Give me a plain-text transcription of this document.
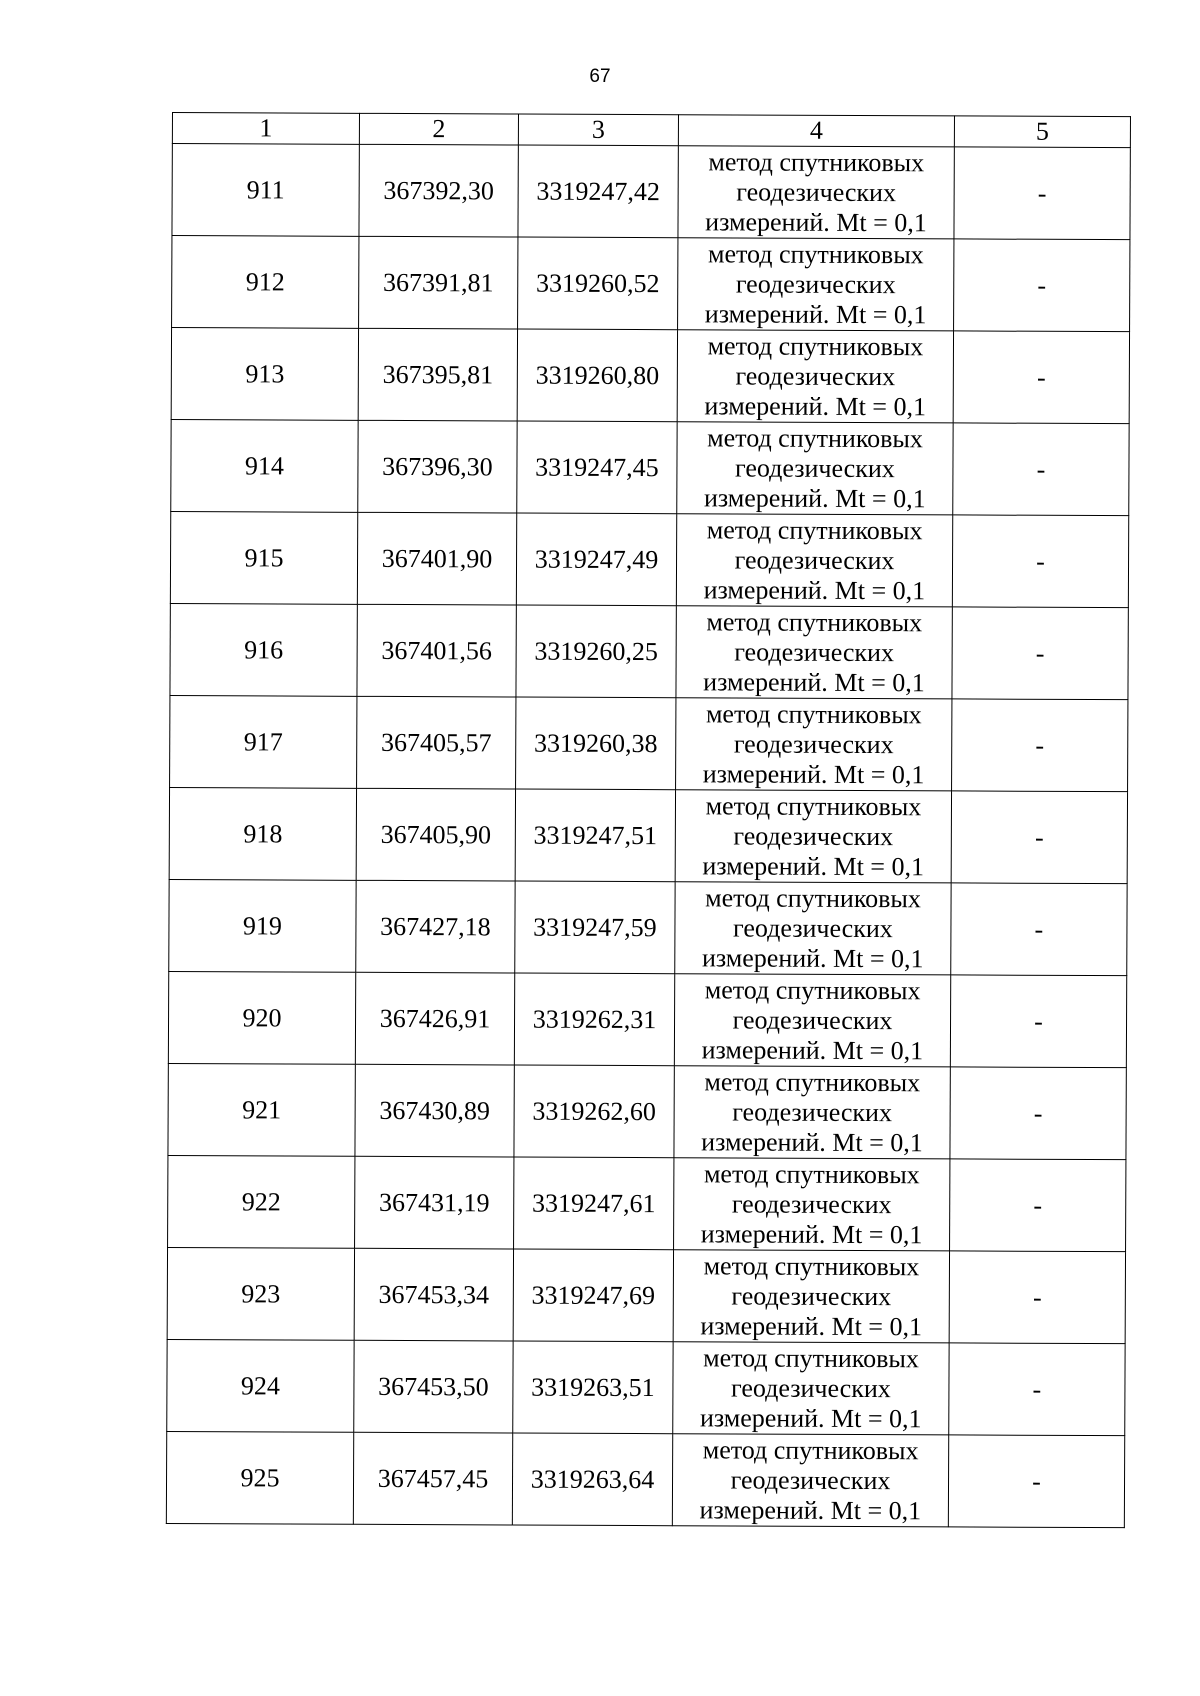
67
1	2	3	4	5
911	367392,30	3319247,42	метод спутниковых
геодезических
измерений. Mt = 0,1	-
912	367391,81	3319260,52	метод спутниковых
геодезических
измерений. Mt = 0,1	-
913	367395,81	3319260,80	метод спутниковых
геодезических
измерений. Mt = 0,1	-
914	367396,30	3319247,45	метод спутниковых
геодезических
измерений. Mt = 0,1	-
915	367401,90	3319247,49	метод спутниковых
геодезических
измерений. Mt = 0,1	-
916	367401,56	3319260,25	метод спутниковых
геодезических
измерений. Mt = 0,1	-
917	367405,57	3319260,38	метод спутниковых
геодезических
измерений. Mt = 0,1	-
918	367405,90	3319247,51	метод спутниковых
геодезических
измерений. Mt = 0,1	-
919	367427,18	3319247,59	метод спутниковых
геодезических
измерений. Mt = 0,1	-
920	367426,91	3319262,31	метод спутниковых
геодезических
измерений. Mt = 0,1	-
921	367430,89	3319262,60	метод спутниковых
геодезических
измерений. Mt = 0,1	-
922	367431,19	3319247,61	метод спутниковых
геодезических
измерений. Mt = 0,1	-
923	367453,34	3319247,69	метод спутниковых
геодезических
измерений. Mt = 0,1	-
924	367453,50	3319263,51	метод спутниковых
геодезических
измерений. Mt = 0,1	-
925	367457,45	3319263,64	метод спутниковых
геодезических
измерений. Mt = 0,1	-
